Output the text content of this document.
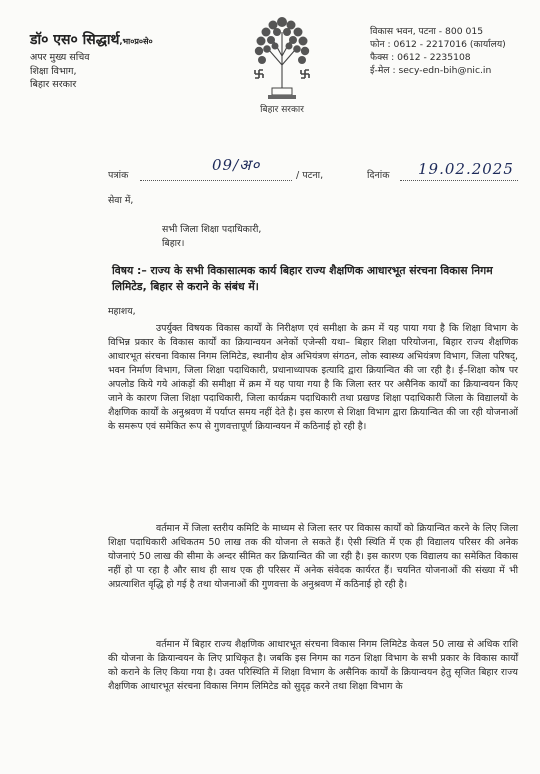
डॉ० एस० सिद्धार्थ,भा०प्र०से०
अपर मुख्य सचिव
शिक्षा विभाग,
बिहार सरकार
बिहार सरकार
विकास भवन, पटना - 800 015
फोन : 0612 - 2217016 (कार्यालय)
फैक्स : 0612 - 2235108
ई-मेल : secy-edn-bih@nic.in
पत्रांक
09/अ०
/ पटना,	दिनांक 19.02.2025
सेवा में,
सभी जिला शिक्षा पदाधिकारी,
बिहार।
विषय :– राज्य के सभी विकासात्मक कार्य बिहार राज्य शैक्षणिक आधारभूत संरचना विकास निगम लिमिटेड, बिहार से कराने के संबंध में।
महाशय,
उपर्युक्त विषयक विकास कार्यों के निरीक्षण एवं समीक्षा के क्रम में यह पाया गया है कि शिक्षा विभाग के विभिन्न प्रकार के विकास कार्यों का क्रियान्वयन अनेकों एजेन्सी यथा– बिहार शिक्षा परियोजना, बिहार राज्य शैक्षणिक आधारभूत संरचना विकास निगम लिमिटेड, स्थानीय क्षेत्र अभियंत्रण संगठन, लोक स्वास्थ्य अभियंत्रण विभाग, जिला परिषद्, भवन निर्माण विभाग, जिला शिक्षा पदाधिकारी, प्रधानाध्यापक इत्यादि द्वारा क्रियान्वित की जा रही है। ई–शिक्षा कोष पर अपलोड किये गये आंकड़ों की समीक्षा में क्रम में यह पाया गया है कि जिला स्तर पर असैनिक कार्यों का क्रियान्वयन किए जाने के कारण जिला शिक्षा पदाधिकारी, जिला कार्यक्रम पदाधिकारी तथा प्रखण्ड शिक्षा पदाधिकारी जिला के विद्यालयों के शैक्षणिक कार्यों के अनुश्रवण में पर्याप्त समय नहीं देते है। इस कारण से शिक्षा विभाग द्वारा क्रियान्वित की जा रही योजनाओं के समरूप एवं समेकित रूप से गुणवत्तापूर्ण क्रियान्वयन में कठिनाई हो रही है।
वर्तमान में जिला स्तरीय कमिटि के माध्यम से जिला स्तर पर विकास कार्यों को क्रियान्वित करने के लिए जिला शिक्षा पदाधिकारी अधिकतम 50 लाख तक की योजना ले सकते हैं। ऐसी स्थिति में एक ही विद्यालय परिसर की अनेक योजनाएं 50 लाख की सीमा के अन्दर सीमित कर क्रियान्वित की जा रही है। इस कारण एक विद्यालय का समेकित विकास नहीं हो पा रहा है और साथ ही साथ एक ही परिसर में अनेक संवेदक कार्यरत हैं। चयनित योजनाओं की संख्या में भी अप्रत्याशित वृद्धि हो गई है तथा योजनाओं की गुणवत्ता के अनुश्रवण में कठिनाई हो रही है।
वर्तमान में बिहार राज्य शैक्षणिक आधारभूत संरचना विकास निगम लिमिटेड केवल 50 लाख से अधिक राशि की योजना के क्रियान्वयन के लिए प्राधिकृत है। जबकि इस निगम का गठन शिक्षा विभाग के सभी प्रकार के विकास कार्यों को कराने के लिए किया गया है। उक्त परिस्थिति में शिक्षा विभाग के असैनिक कार्यों के क्रियान्वयन हेतु सृजित बिहार राज्य शैक्षणिक आधारभूत संरचना विकास निगम लिमिटेड को सुदृढ़ करने तथा शिक्षा विभाग के
